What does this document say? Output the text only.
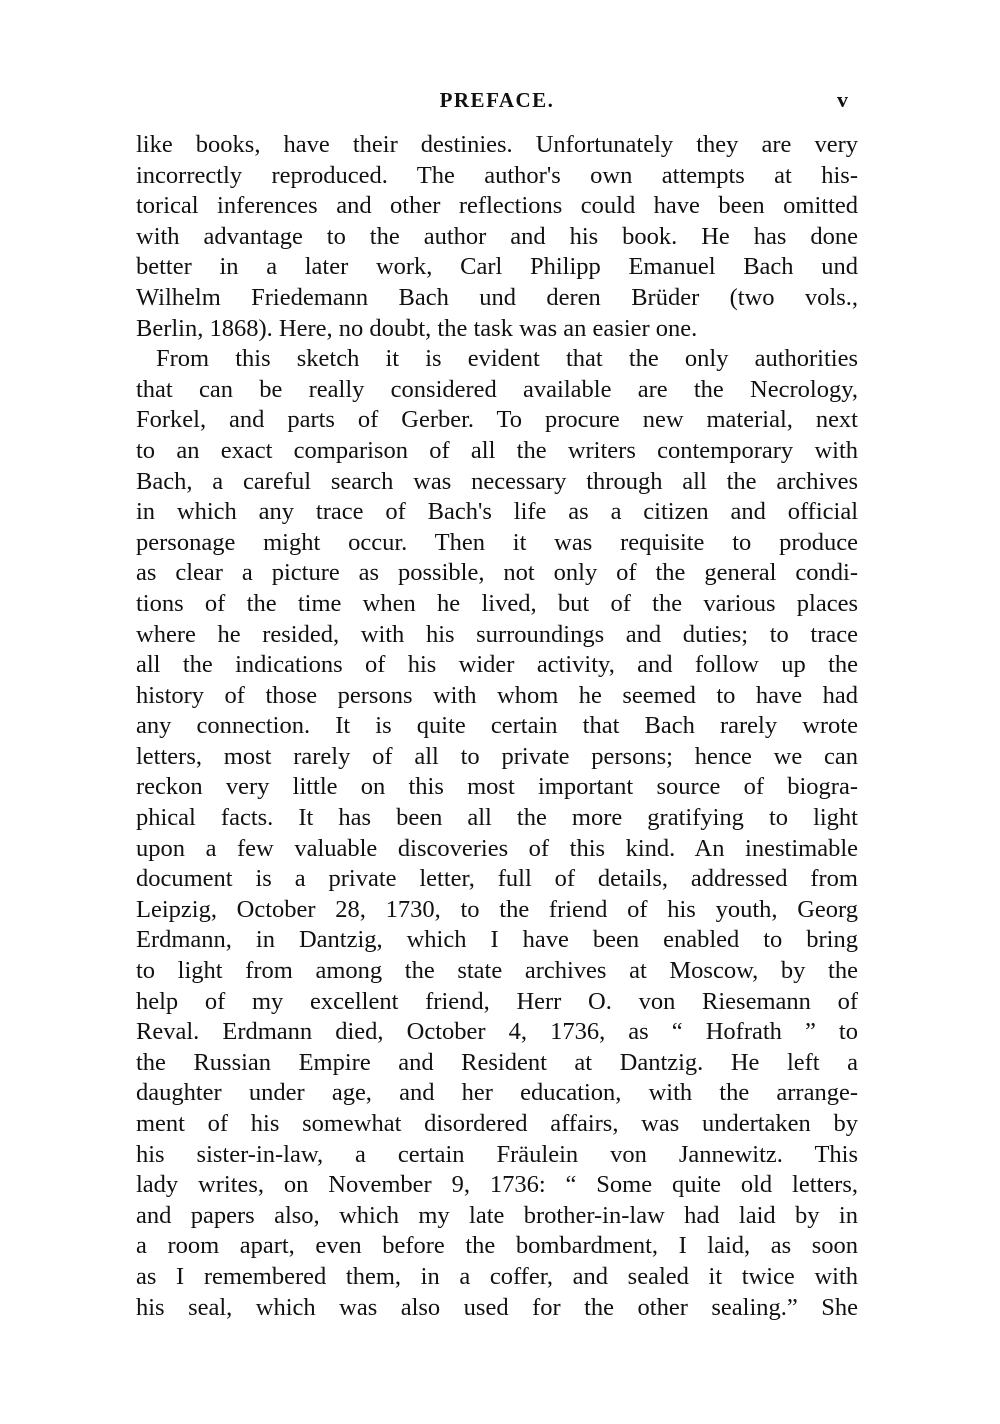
PREFACE.	v
like books, have their destinies. Unfortunately they are very
incorrectly reproduced. The author's own attempts at his-
torical inferences and other reflections could have been omitted
with advantage to the author and his book. He has done
better in a later work, Carl Philipp Emanuel Bach und
Wilhelm Friedemann Bach und deren Brüder (two vols.,
Berlin, 1868). Here, no doubt, the task was an easier one.
From this sketch it is evident that the only authorities
that can be really considered available are the Necrology,
Forkel, and parts of Gerber. To procure new material, next
to an exact comparison of all the writers contemporary with
Bach, a careful search was necessary through all the archives
in which any trace of Bach's life as a citizen and official
personage might occur. Then it was requisite to produce
as clear a picture as possible, not only of the general condi-
tions of the time when he lived, but of the various places
where he resided, with his surroundings and duties; to trace
all the indications of his wider activity, and follow up the
history of those persons with whom he seemed to have had
any connection. It is quite certain that Bach rarely wrote
letters, most rarely of all to private persons; hence we can
reckon very little on this most important source of biogra-
phical facts. It has been all the more gratifying to light
upon a few valuable discoveries of this kind. An inestimable
document is a private letter, full of details, addressed from
Leipzig, October 28, 1730, to the friend of his youth, Georg
Erdmann, in Dantzig, which I have been enabled to bring
to light from among the state archives at Moscow, by the
help of my excellent friend, Herr O. von Riesemann of
Reval. Erdmann died, October 4, 1736, as “ Hofrath ” to
the Russian Empire and Resident at Dantzig. He left a
daughter under age, and her education, with the arrange-
ment of his somewhat disordered affairs, was undertaken by
his sister-in-law, a certain Fräulein von Jannewitz. This
lady writes, on November 9, 1736: “ Some quite old letters,
and papers also, which my late brother-in-law had laid by in
a room apart, even before the bombardment, I laid, as soon
as I remembered them, in a coffer, and sealed it twice with
his seal, which was also used for the other sealing.” She
